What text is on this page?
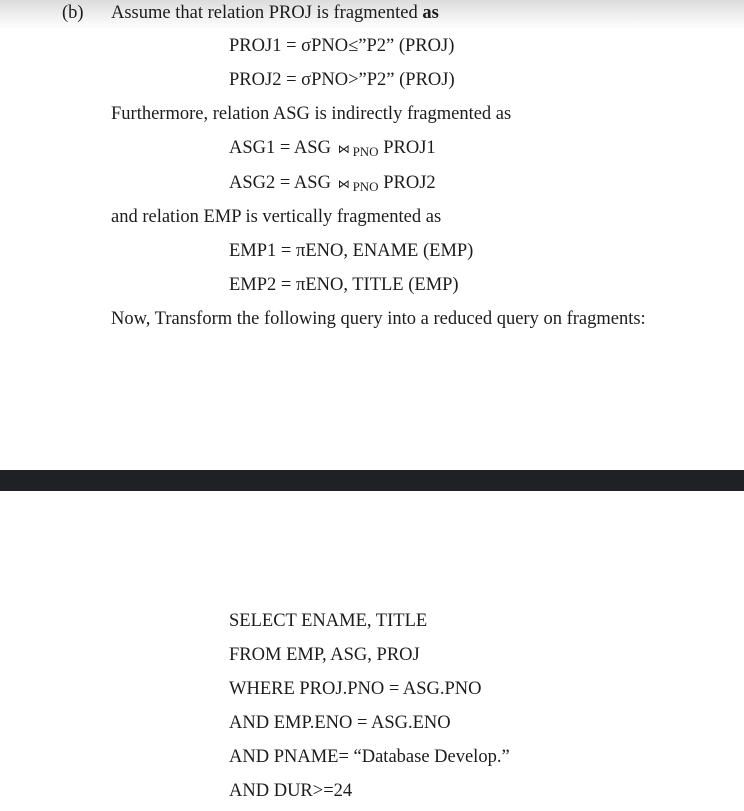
(b) Assume that relation PROJ is fragmented as
PROJ1 = σPNO≤”P2” (PROJ)
PROJ2 = σPNO>”P2” (PROJ)
Furthermore, relation ASG is indirectly fragmented as
ASG1 = ASG ⋈ PNO PROJ1
ASG2 = ASG ⋈ PNO PROJ2
and relation EMP is vertically fragmented as
EMP1 = πENO, ENAME (EMP)
EMP2 = πENO, TITLE (EMP)
Now, Transform the following query into a reduced query on fragments:
SELECT ENAME, TITLE
FROM EMP, ASG, PROJ
WHERE PROJ.PNO = ASG.PNO
AND EMP.ENO = ASG.ENO
AND PNAME= “Database Develop.”
AND DUR>=24
